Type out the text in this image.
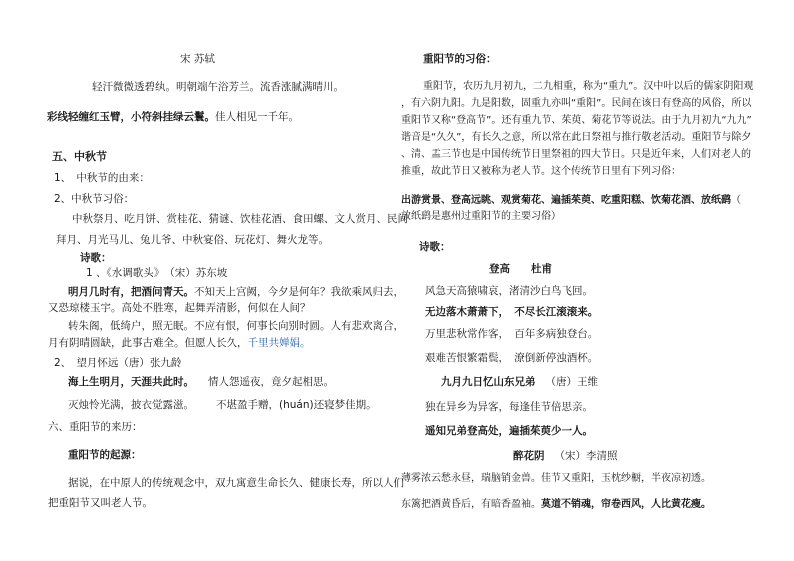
宋 苏轼
轻汗微微透碧纨。明朝端午浴芳兰。流香涨腻满晴川。
彩线轻缠红玉臂，小符斜挂绿云鬟。佳人相见一千年。
五、中秋节
1、　中秋节的由来：
2、中秋节习俗：
中秋祭月、吃月饼、赏桂花、猜谜、饮桂花酒、食田螺、文人赏月、民间
拜月、月光马儿、兔儿爷、中秋宴俗、玩花灯、舞火龙等。
诗歌：
1 、《水调歌头》　（宋）苏东坡
明月几时有，把酒问青天。不知天上宫阙，今夕是何年？我欲乘风归去，
又恐琼楼玉宇。高处不胜寒，起舞弄清影，何似在人间？
转朱阁，低绮户，照无眠。不应有恨，何事长向别时圆。人有悲欢离合，
月有阴晴圆缺，此事古难全。但愿人长久，千里共婵娟。
2、　望月怀远（唐）张九龄
海上生明月，天涯共此时。 情人怨遥夜，竟夕起相思。
灭烛怜光满，披衣觉露滋。 不堪盈手赠，(huán)还寝梦佳期。
六、重阳节的来历：
重阳节的起源：
据说，在中原人的传统观念中，双九寓意生命长久、健康长寿，所以人们
把重阳节又叫老人节。
重阳节的习俗：
重阳节，农历九月初九，二九相重，称为“重九”。汉中叶以后的儒家阴阳观
，有六阴九阳。九是阳数，固重九亦叫“重阳”。民间在该日有登高的风俗，所以
重阳节又称“登高节”。还有重九节、茱萸、菊花节等说法。由于九月初九“九九”
谐音是“久久”，有长久之意，所以常在此日祭祖与推行敬老活动。重阳节与除夕
、清、盂三节也是中国传统节日里祭祖的四大节日。只是近年来，人们对老人的
推重，故此节日又被称为老人节。这个传统节日里有下列习俗：
出游赏景、登高远眺、观赏菊花、遍插茱萸、吃重阳糕、饮菊花酒、放纸鹞（
放纸鹞是惠州过重阳节的主要习俗）
诗歌：
登高　　杜甫
风急天高猿啸哀，渚清沙白鸟飞回。
无边落木萧萧下，　不尽长江滚滚来。
万里悲秋常作客，　百年多病独登台。
艰难苦恨繁霜鬓，　潦倒新停浊酒杯。
九月九日忆山东兄弟 （唐）王维
独在异乡为异客，每逢佳节倍思亲。
遥知兄弟登高处，遍插茱萸少一人。
醉花阴 （宋）李清照
薄雾浓云愁永昼，瑞脑销金兽。佳节又重阳，玉枕纱橱，半夜凉初透。
东篱把酒黄昏后，有暗香盈袖。莫道不销魂，帘卷西风，人比黄花瘦。
